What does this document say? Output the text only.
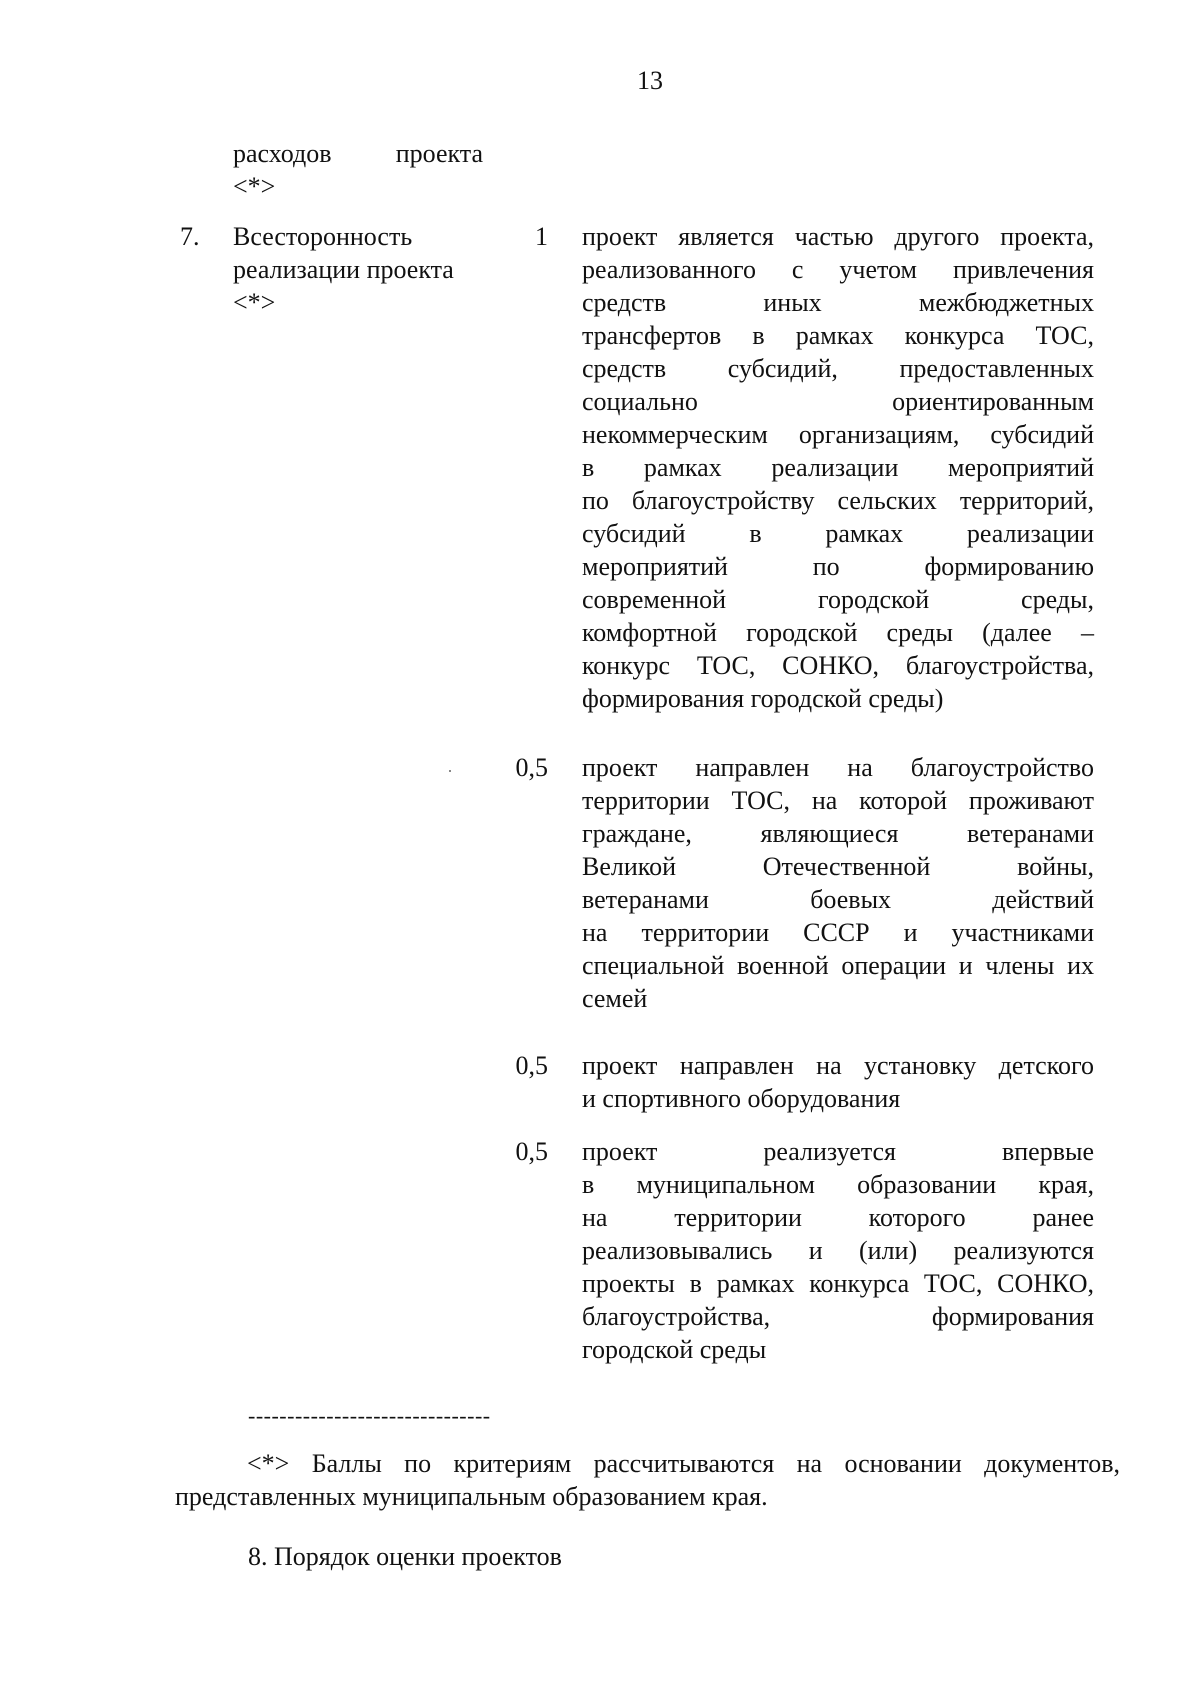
13
расходов проекта
<*>
7. Всесторонность
реализации проекта
<*>
1 проект является частью другого проекта,
реализованного с учетом привлечения
средств иных межбюджетных
трансфертов в рамках конкурса ТОС,
средств субсидий, предоставленных
социально ориентированным
некоммерческим организациям, субсидий
в рамках реализации мероприятий
по благоустройству сельских территорий,
субсидий в рамках реализации
мероприятий по формированию
современной городской среды,
комфортной городской среды (далее –
конкурс ТОС, СОНКО, благоустройства,
формирования городской среды)
0,5 проект направлен на благоустройство
территории ТОС, на которой проживают
граждане, являющиеся ветеранами
Великой Отечественной войны,
ветеранами боевых действий
на территории СССР и участниками
специальной военной операции и члены их
семей
0,5 проект направлен на установку детского
и спортивного оборудования
0,5 проект реализуется впервые
в муниципальном образовании края,
на территории которого ранее
реализовывались и (или) реализуются
проекты в рамках конкурса ТОС, СОНКО,
благоустройства, формирования
городской среды
-------------------------------
<*> Баллы по критериям рассчитываются на основании документов,
представленных муниципальным образованием края.
8. Порядок оценки проектов
